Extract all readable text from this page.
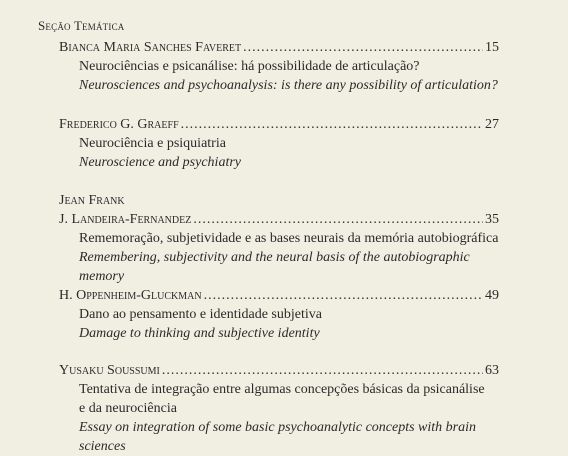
Seção Temática
Bianca Maria Sanches Faveret .....	15
Neurociências e psicanálise: há possibilidade de articulação?
Neurosciences and psychoanalysis: is there any possibility of articulation?
Frederico G. Graeff .....	27
Neurociência e psiquiatria
Neuroscience and psychiatry
Jean Frank
J. Landeira-Fernandez .....	35
Rememoração, subjetividade e as bases neurais da memória autobiográfica
Remembering, subjectivity and the neural basis of the autobiographic memory
H. Oppenheim-Gluckman .....	49
Dano ao pensamento e identidade subjetiva
Damage to thinking and subjective identity
Yusaku Soussumi .....	63
Tentativa de integração entre algumas concepções básicas da psicanálise
e da neurociência
Essay on integration of some basic psychoanalytic concepts with brain sciences
